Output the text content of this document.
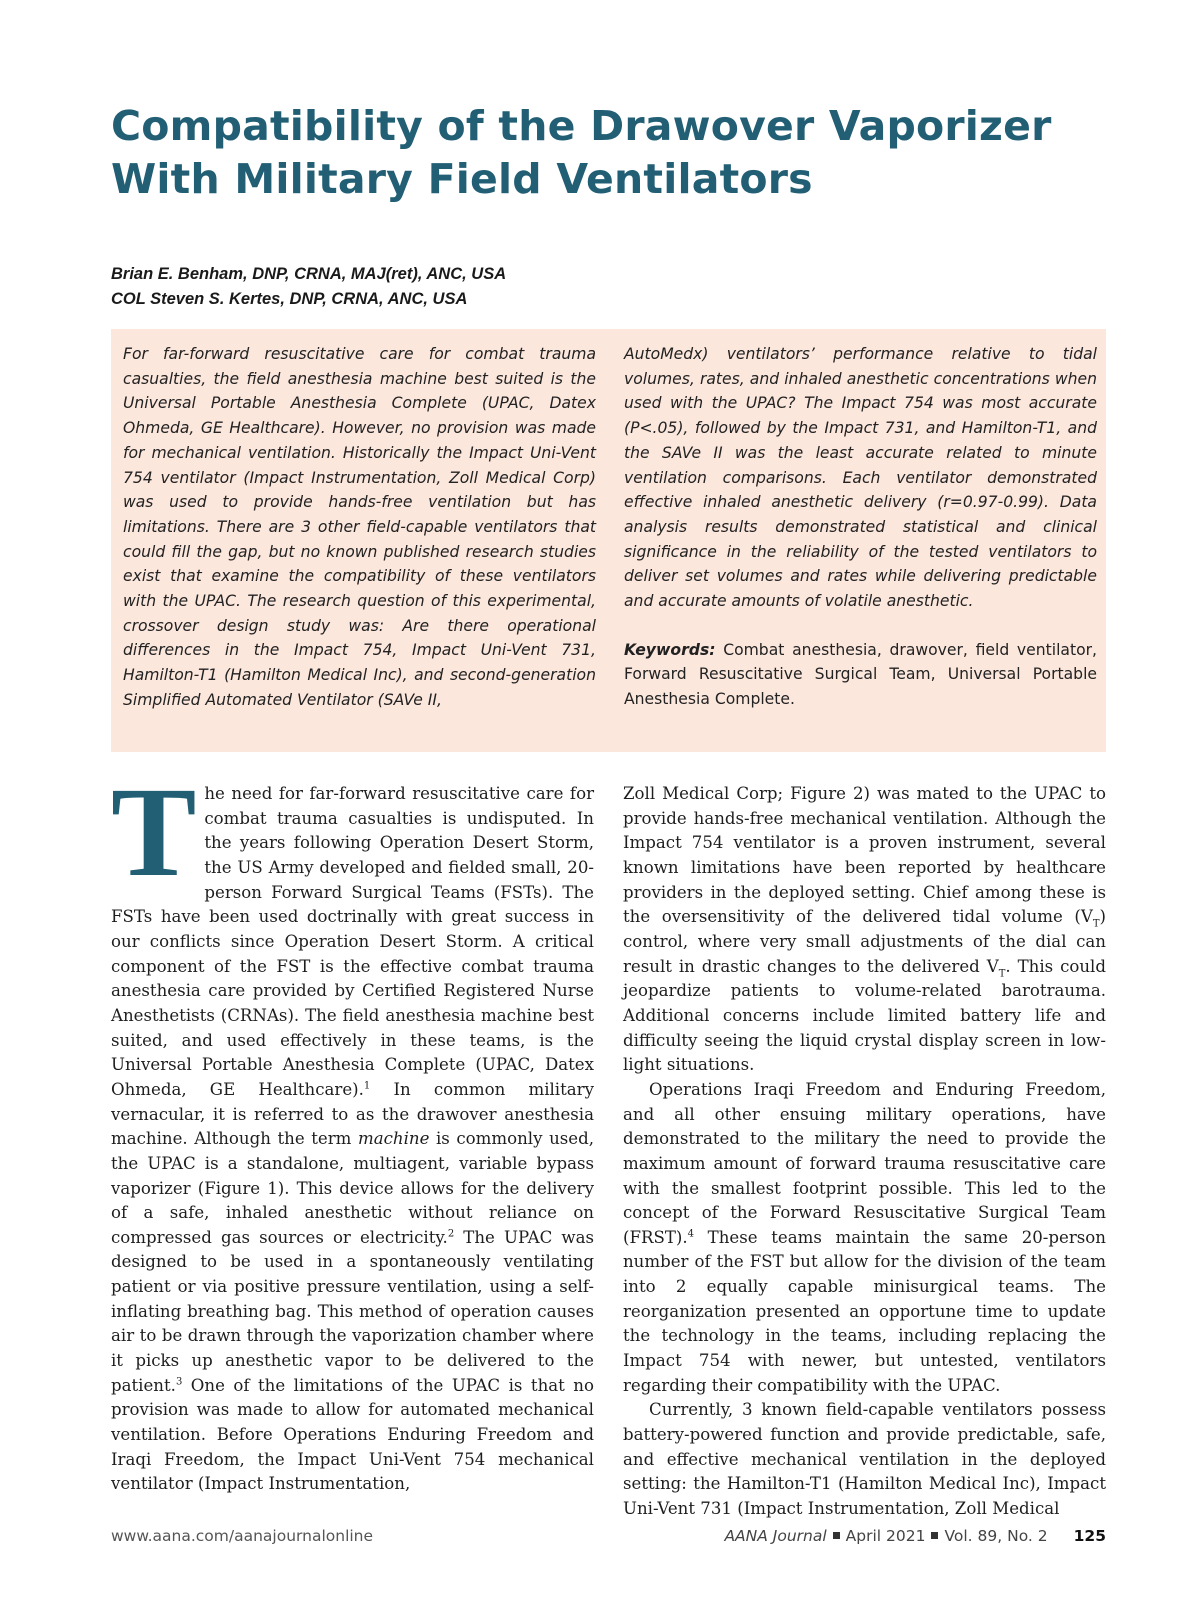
Compatibility of the Drawover Vaporizer With Military Field Ventilators
Brian E. Benham, DNP, CRNA, MAJ(ret), ANC, USA
COL Steven S. Kertes, DNP, CRNA, ANC, USA

For far-forward resuscitative care for combat trauma casualties, the field anesthesia machine best suited is the Universal Portable Anesthesia Complete (UPAC, Datex Ohmeda, GE Healthcare). However, no provision was made for mechanical ventilation. Historically the Impact Uni-Vent 754 ventilator (Impact Instrumentation, Zoll Medical Corp) was used to provide hands-free ventilation but has limitations. There are 3 other field-capable ventilators that could fill the gap, but no known published research studies exist that examine the compatibility of these ventilators with the UPAC. The research question of this experimental, crossover design study was: Are there operational differences in the Impact 754, Impact Uni-Vent 731, Hamilton-T1 (Hamilton Medical Inc), and second-generation Simplified Automated Ventilator (SAVe II,

AutoMedx) ventilators’ performance relative to tidal volumes, rates, and inhaled anesthetic concentrations when used with the UPAC? The Impact 754 was most accurate (P<.05), followed by the Impact 731, and Hamilton-T1, and the SAVe II was the least accurate related to minute ventilation comparisons. Each ventilator demonstrated effective inhaled anesthetic delivery (r=0.97-0.99). Data analysis results demonstrated statistical and clinical significance in the reliability of the tested ventilators to deliver set volumes and rates while delivering predictable and accurate amounts of volatile anesthetic.

Keywords: Combat anesthesia, drawover, field ventilator, Forward Resuscitative Surgical Team, Universal Portable Anesthesia Complete.

The need for far-forward resuscitative care for combat trauma casualties is undisputed. In the years following Operation Desert Storm, the US Army developed and fielded small, 20-person Forward Surgical Teams (FSTs). The FSTs have been used doctrinally with great success in our conflicts since Operation Desert Storm. A critical component of the FST is the effective combat trauma anesthesia care provided by Certified Registered Nurse Anesthetists (CRNAs). The field anesthesia machine best suited, and used effectively in these teams, is the Universal Portable Anesthesia Complete (UPAC, Datex Ohmeda, GE Healthcare).$^1$ In common military vernacular, it is referred to as the drawover anesthesia machine. Although the term machine is commonly used, the UPAC is a standalone, multiagent, variable bypass vaporizer (Figure 1). This device allows for the delivery of a safe, inhaled anesthetic without reliance on compressed gas sources or electricity.$^2$ The UPAC was designed to be used in a spontaneously ventilating patient or via positive pressure ventilation, using a self-inflating breathing bag. This method of operation causes air to be drawn through the vaporization chamber where it picks up anesthetic vapor to be delivered to the patient.$^3$ One of the limitations of the UPAC is that no provision was made to allow for automated mechanical ventilation. Before Operations Enduring Freedom and Iraqi Freedom, the Impact Uni-Vent 754 mechanical ventilator (Impact Instrumentation,

Zoll Medical Corp; Figure 2) was mated to the UPAC to provide hands-free mechanical ventilation. Although the Impact 754 ventilator is a proven instrument, several known limitations have been reported by healthcare providers in the deployed setting. Chief among these is the oversensitivity of the delivered tidal volume $(V_T)$ control, where very small adjustments of the dial can result in drastic changes to the delivered $V_T$. This could jeopardize patients to volume-related barotrauma. Additional concerns include limited battery life and difficulty seeing the liquid crystal display screen in low-light situations.

Operations Iraqi Freedom and Enduring Freedom, and all other ensuing military operations, have demonstrated to the military the need to provide the maximum amount of forward trauma resuscitative care with the smallest footprint possible. This led to the concept of the Forward Resuscitative Surgical Team (FRST).$^4$ These teams maintain the same 20-person number of the FST but allow for the division of the team into 2 equally capable minisurgical teams. The reorganization presented an opportune time to update the technology in the teams, including replacing the Impact 754 with newer, but untested, ventilators regarding their compatibility with the UPAC.

Currently, 3 known field-capable ventilators possess battery-powered function and provide predictable, safe, and effective mechanical ventilation in the deployed setting: the Hamilton-T1 (Hamilton Medical Inc), Impact Uni-Vent 731 (Impact Instrumentation, Zoll Medical

www.aana.com/aanajournalonline	AANA Journal April 2021 Vol. 89, No. 2 125
